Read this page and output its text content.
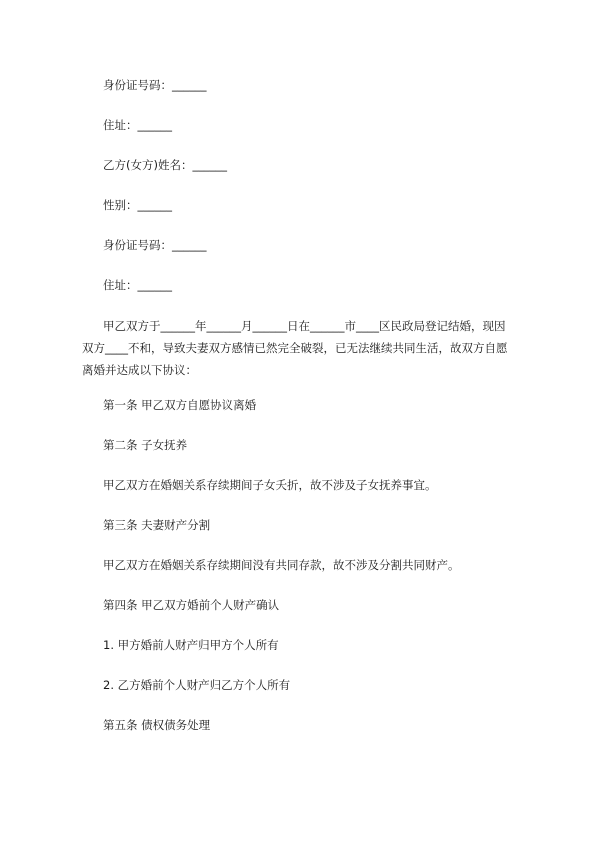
身份证号码：______
住址：______
乙方(女方)姓名：______
性别：______
身份证号码：______
住址：______
甲乙双方于______年______月______日在______市____区民政局登记结婚，现因
双方____不和，导致夫妻双方感情已然完全破裂，已无法继续共同生活，故双方自愿
离婚并达成以下协议：
第一条 甲乙双方自愿协议离婚
第二条 子女抚养
甲乙双方在婚姻关系存续期间子女夭折，故不涉及子女抚养事宜。
第三条 夫妻财产分割
甲乙双方在婚姻关系存续期间没有共同存款，故不涉及分割共同财产。
第四条 甲乙双方婚前个人财产确认
1. 甲方婚前人财产归甲方个人所有
2. 乙方婚前个人财产归乙方个人所有
第五条 债权债务处理
